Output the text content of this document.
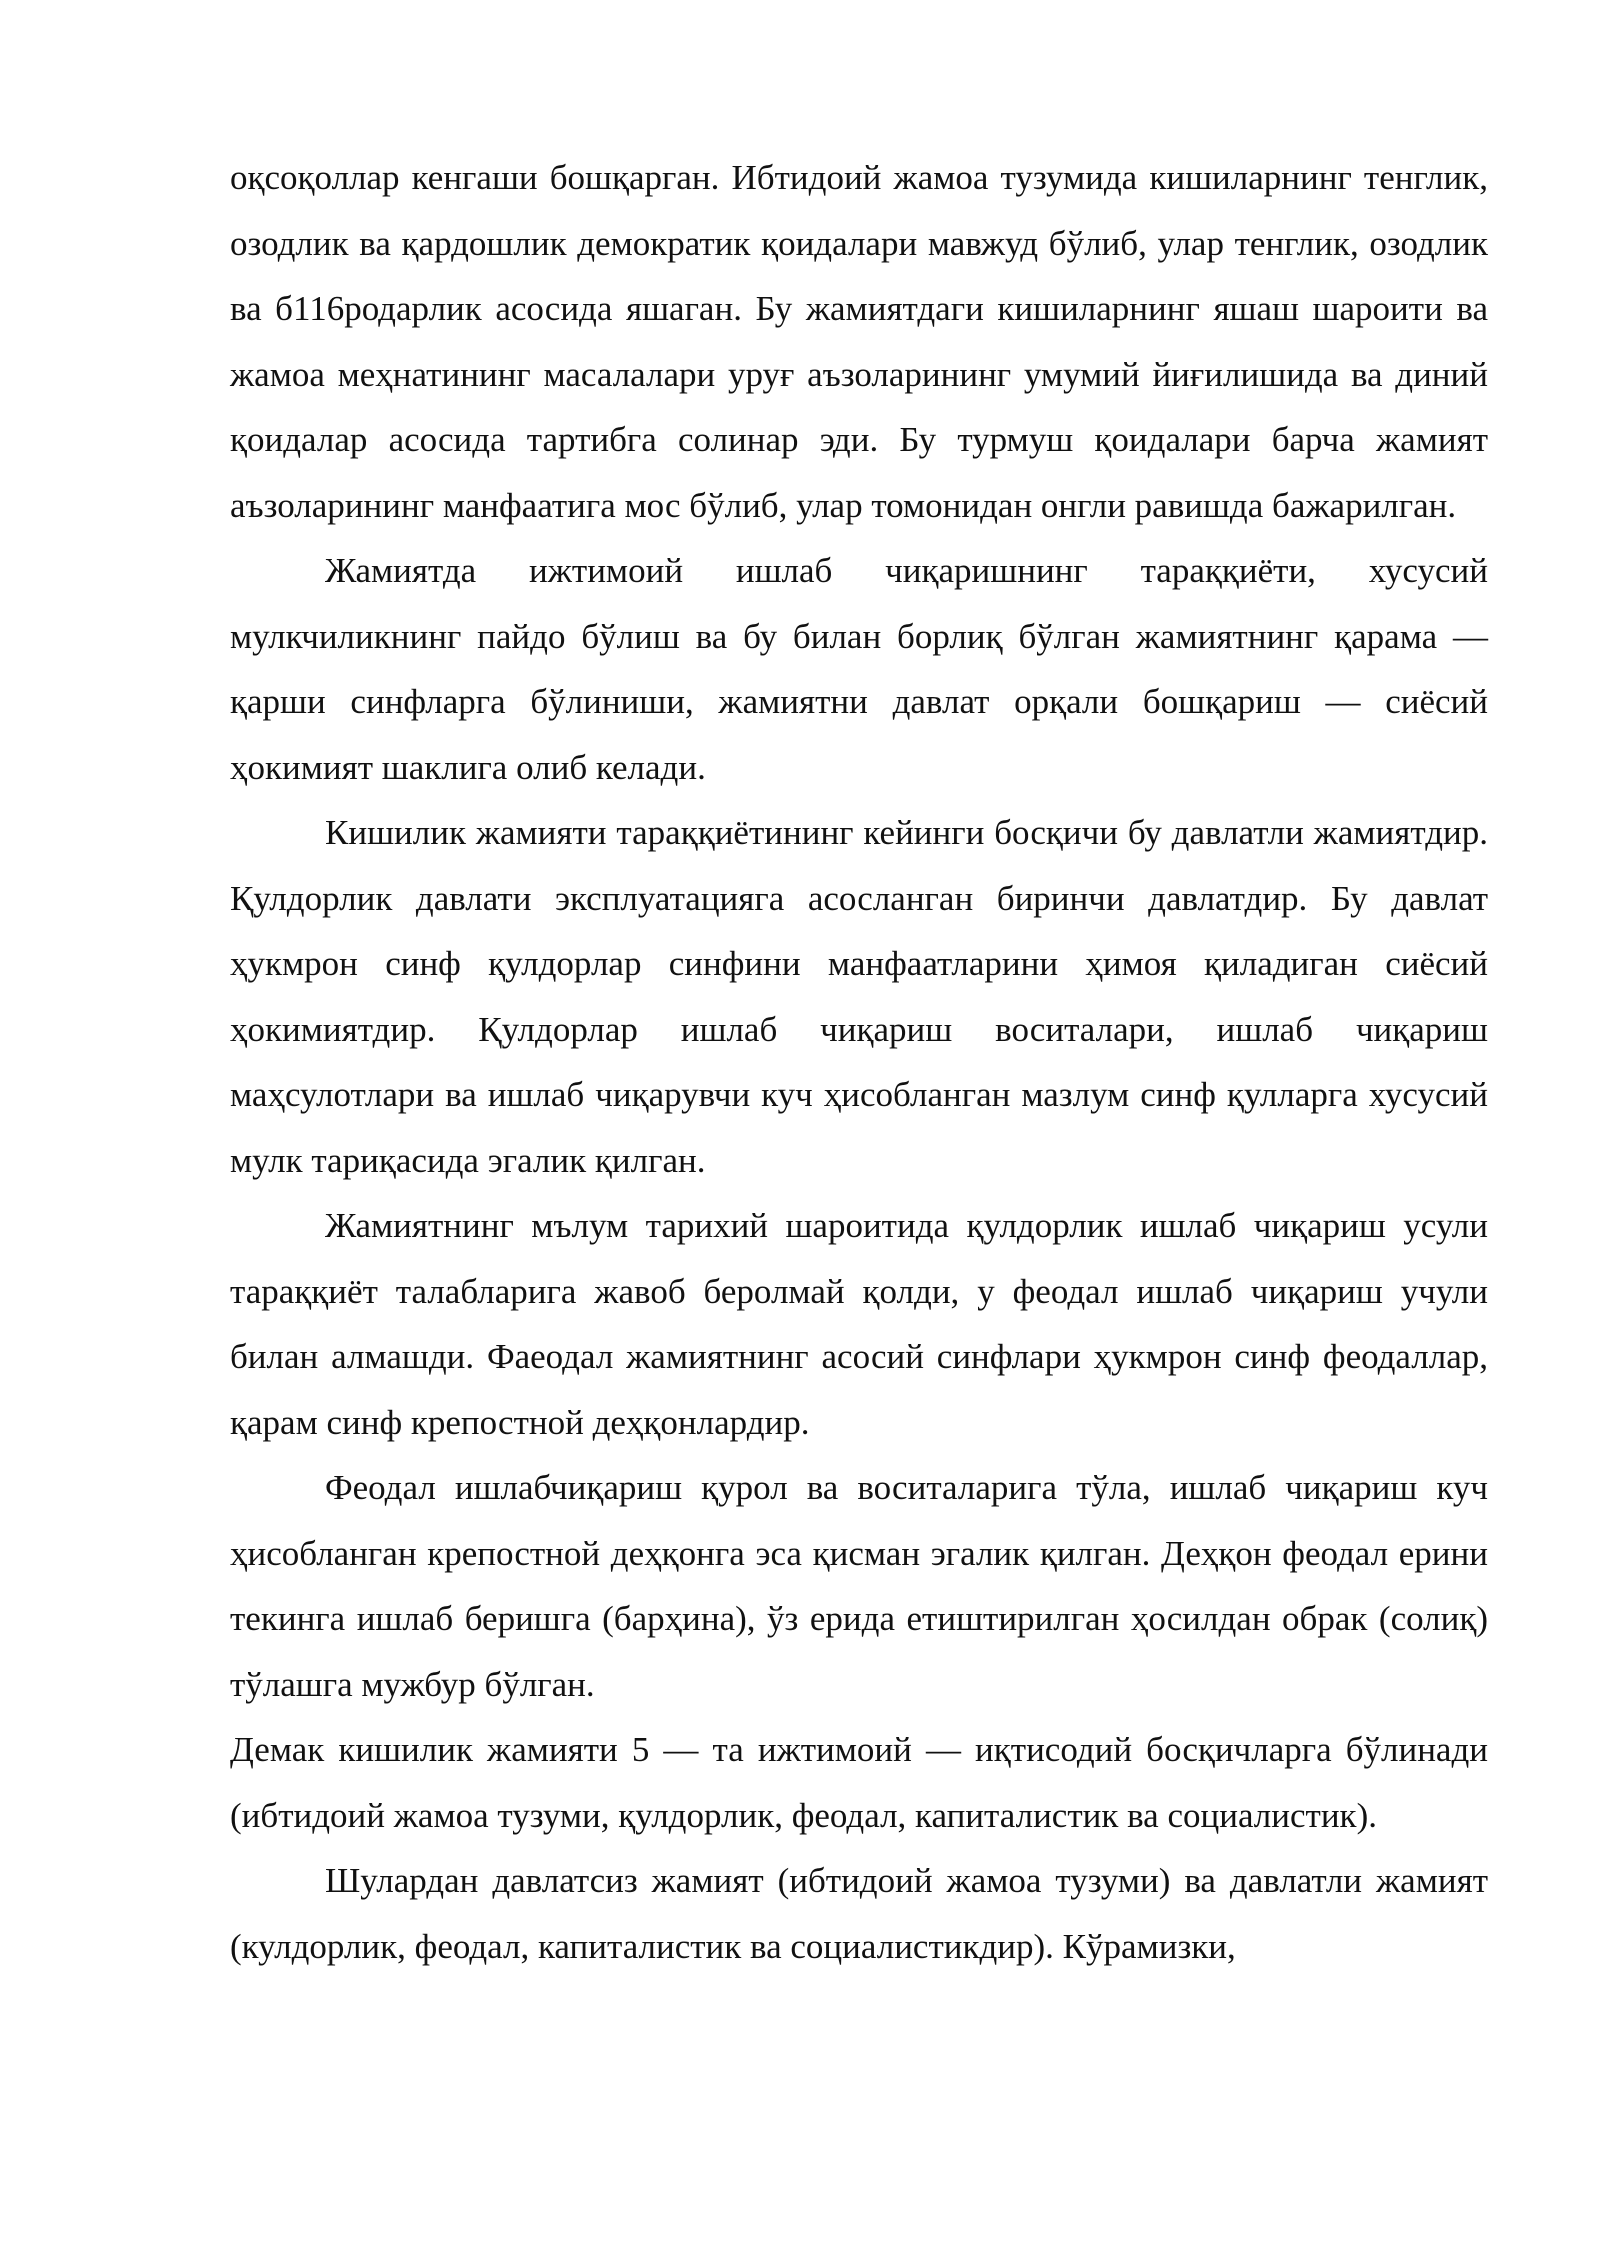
оқсоқоллар кенгаши бошқарган. Ибтидоий жамоа тузумида кишиларнинг тенглик, озодлик ва қардошлик демократик қоидалари мавжуд бўлиб, улар тенглик, озодлик ва б116родарлик асосида яшаган. Бу жамиятдаги кишиларнинг яшаш шароити ва жамоа меҳнатининг масалалари уруғ аъзоларининг умумий йиғилишида ва диний қоидалар асосида тартибга солинар эди. Бу турмуш қоидалари барча жамият аъзоларининг манфаатига мос бўлиб, улар томонидан онгли равишда бажарилган.

Жамиятда ижтимоий ишлаб чиқаришнинг тараққиёти, хусусий мулкчиликнинг пайдо бўлиш ва бу билан борлиқ бўлган жамиятнинг қарама — қарши синфларга бўлиниши, жамиятни давлат орқали бошқариш — сиёсий ҳокимият шаклига олиб келади.

Кишилик жамияти тараққиётининг кейинги босқичи бу давлатли жамиятдир. Қулдорлик давлати эксплуатацияга асосланган биринчи давлатдир. Бу давлат ҳукмрон синф қулдорлар синфини манфаатларини ҳимоя қиладиган сиёсий ҳокимиятдир. Қулдорлар ишлаб чиқариш воситалари, ишлаб чиқариш маҳсулотлари ва ишлаб чиқарувчи куч ҳисобланган мазлум синф қулларга хусусий мулк тариқасида эгалик қилган.

Жамиятнинг мълум тарихий шароитида қулдорлик ишлаб чиқариш усули тараққиёт талабларига жавоб беролмай қолди, у феодал ишлаб чиқариш учули билан алмашди. Фаеодал жамиятнинг асосий синфлари ҳукмрон синф феодаллар, қарам синф крепостной деҳқонлардир.

Феодал ишлабчиқариш қурол ва воситаларига тўла, ишлаб чиқариш куч ҳисобланган крепостной деҳқонга эса қисман эгалик қилган. Деҳқон феодал ерини текинга ишлаб беришга (барҳина), ўз ерида етиштирилган ҳосилдан обрак (солиқ) тўлашга мужбур бўлган.

Демак кишилик жамияти 5 — та ижтимоий — иқтисодий босқичларга бўлинади (ибтидоий жамоа тузуми, қулдорлик, феодал, капиталистик ва социалистик).

Шулардан давлатсиз жамият (ибтидоий жамоа тузуми) ва давлатли жамият (кулдорлик, феодал, капиталистик ва социалистикдир). Кўрамизки,
